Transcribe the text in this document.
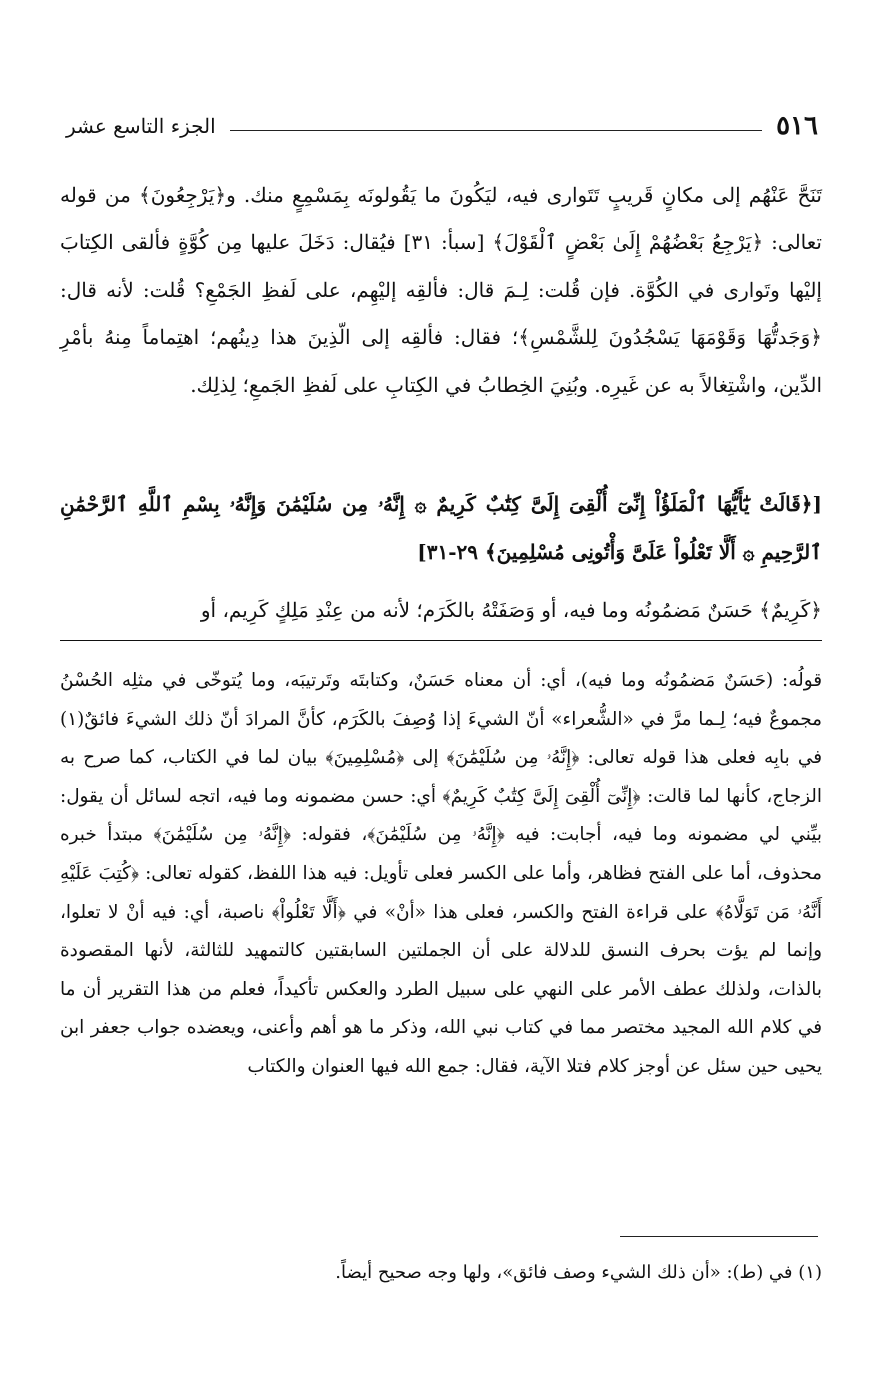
٥١٦
الجزء التاسع عشر

تَنَحَّ عَنْهُم إلى مكانٍ قَريبٍ تَتَوارى فيه، ليَكُونَ ما يَقُولونَه بِمَسْمِعٍ منك. و﴿يَرْجِعُونَ﴾ من قوله تعالى: ﴿يَرْجِعُ بَعْضُهُمْ إِلَىٰ بَعْضٍ ٱلْقَوْلَ﴾ [سبأ: ٣١] فيُقال: دَخَلَ عليها مِن كُوَّةٍ فألقى الكِتابَ إليْها وتَوارى في الكُوَّة. فإن قُلت: لِـمَ قال: فألقِه إليْهِم، على لَفظِ الجَمْعِ؟ قُلت: لأنه قال: ﴿وَجَدتُّهَا وَقَوْمَهَا يَسْجُدُونَ لِلشَّمْسِ﴾؛ فقال: فألقِه إلى الّذِينَ هذا دِينُهم؛ اهتِماماً مِنهُ بأمْرِ الدِّين، واشْتِغالاً به عن غَيرِه. وبُنِيَ الخِطابُ في الكِتابِ على لَفظِ الجَمعِ؛ لِذلِك.

[﴿قَالَتْ يَٰٓأَيُّهَا ٱلْمَلَؤُاْ إِنِّىٓ أُلْقِىَ إِلَىَّ كِتَٰبٌ كَرِيمٌ ۞ إِنَّهُۥ مِن سُلَيْمَٰنَ وَإِنَّهُۥ بِسْمِ ٱللَّهِ ٱلرَّحْمَٰنِ ٱلرَّحِيمِ ۞ أَلَّا تَعْلُواْ عَلَىَّ وَأْتُونِى مُسْلِمِينَ﴾ ٢٩-٣١]
﴿كَرِيمٌ﴾ حَسَنٌ مَضمُونُه وما فيه، أو وَصَفَتْهُ بالكَرَم؛ لأنه من عِنْدِ مَلِكٍ كَرِيم، أو
قولُه: (حَسَنٌ مَضمُونُه وما فيه)، أي: أن معناه حَسَنٌ، وكتابتَه وتَرتيبَه، وما يُتوخّى في مثلِه الحُسْنُ مجموعٌ فيه؛ لِـما مرَّ في «الشُّعراء» أنّ الشيءَ إذا وُصِفَ بالكَرَم، كأنَّ المرادَ أنّ ذلك الشيءَ فائقٌ(١) في بابِه فعلى هذا قوله تعالى: ﴿إِنَّهُۥ مِن سُلَيْمَٰنَ﴾ إلى ﴿مُسْلِمِينَ﴾ بيان لما في الكتاب، كما صرح به الزجاج، كأنها لما قالت: ﴿إِنِّىٓ أُلْقِىَ إِلَىَّ كِتَٰبٌ كَرِيمٌ﴾ أي: حسن مضمونه وما فيه، اتجه لسائل أن يقول: بيِّني لي مضمونه وما فيه، أجابت: فيه ﴿إِنَّهُۥ مِن سُلَيْمَٰنَ﴾، فقوله: ﴿إِنَّهُۥ مِن سُلَيْمَٰنَ﴾ مبتدأ خبره محذوف، أما على الفتح فظاهر، وأما على الكسر فعلى تأويل: فيه هذا اللفظ، كقوله تعالى: ﴿كُتِبَ عَلَيْهِ أَنَّهُۥ مَن تَوَلَّاهُ﴾ على قراءة الفتح والكسر، فعلى هذا «أنْ» في ﴿أَلَّا تَعْلُواْ﴾ ناصبة، أي: فيه أنْ لا تعلوا، وإنما لم يؤت بحرف النسق للدلالة على أن الجملتين السابقتين كالتمهيد للثالثة، لأنها المقصودة بالذات، ولذلك عطف الأمر على النهي على سبيل الطرد والعكس تأكيداً، فعلم من هذا التقرير أن ما في كلام الله المجيد مختصر مما في كتاب نبي الله، وذكر ما هو أهم وأعنى، ويعضده جواب جعفر ابن يحيى حين سئل عن أوجز كلام فتلا الآية، فقال: جمع الله فيها العنوان والكتاب
(١) في (ط): «أن ذلك الشيء وصف فائق»، ولها وجه صحيح أيضاً.
